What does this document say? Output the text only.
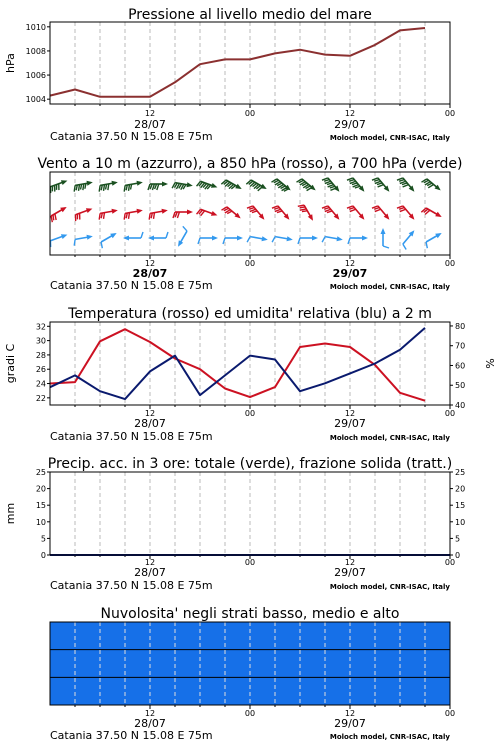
12	00	12	00
28/07	29/07
Catania 37.50 N 15.08 E 75m	Moloch model, CNR-ISAC, Italy
1004
1006
1008
1010
hPa
Pressione al livello medio del mare
12	00	12	00
28/07	29/07
Catania 37.50 N 15.08 E 75m	Moloch model, CNR-ISAC, Italy
Vento a 10 m (azzurro), a 850 hPa (rosso), a 700 hPa (verde)
12	00	12	00
28/07	29/07
Catania 37.50 N 15.08 E 75m	Moloch model, CNR-ISAC, Italy
22
24
26
28
30
32
40
50
60
70
80
gradi C	%
Temperatura (rosso) ed umidita' relativa (blu) a 2 m
12	00	12	00
28/07	29/07
Catania 37.50 N 15.08 E 75m	Moloch model, CNR-ISAC, Italy
0
5
10
15
20
25
0
5
10
15
20
25
mm
Precip. acc. in 3 ore: totale (verde), frazione solida (tratt.)
12	00	12	00
28/07	29/07
Catania 37.50 N 15.08 E 75m	Moloch model, CNR-ISAC, Italy
Nuvolosita' negli strati basso, medio e alto
